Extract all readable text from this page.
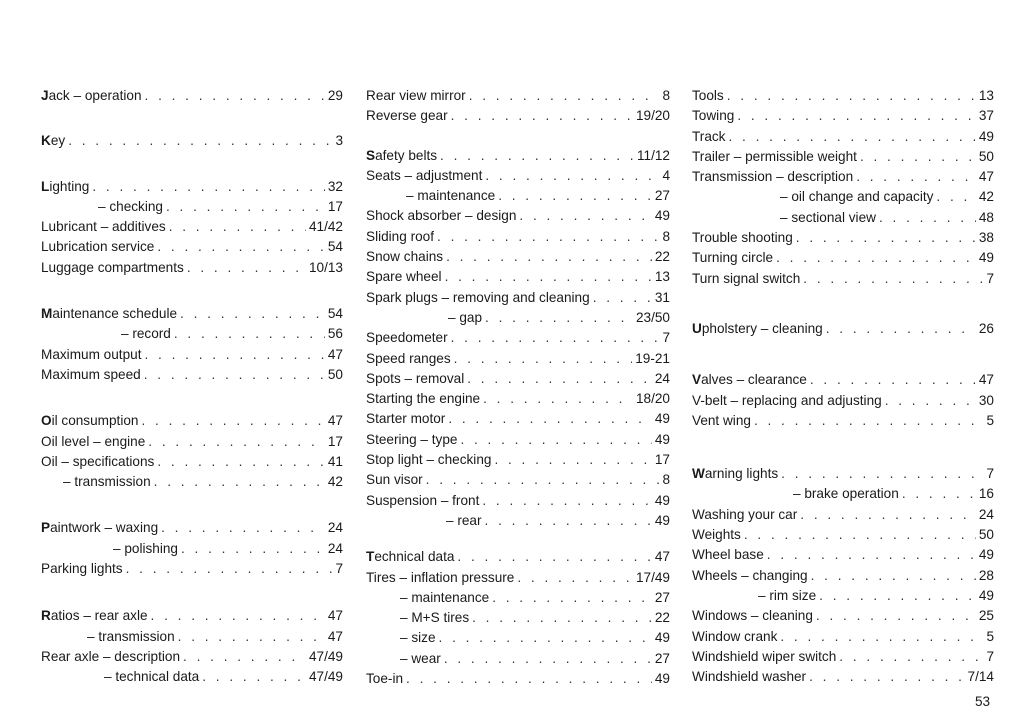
Jack – operation . . .	29
Key . . .	3
Lighting . . .	32
– checking . . .	17
Lubricant – additives . . .	41/42
Lubrication service . . .	54
Luggage compartments . . .	10/13
Maintenance schedule . . .	54
– record . . .	56
Maximum output . . .	47
Maximum speed . . .	50
Oil consumption . . .	47
Oil level – engine . . .	17
Oil – specifications . . .	41
– transmission . . .	42
Paintwork – waxing . . .	24
– polishing . . .	24
Parking lights . . .	7
Ratios – rear axle . . .	47
– transmission . . .	47
Rear axle – description . . .	47/49
– technical data . . .	47/49
Rear view mirror . . .	8
Reverse gear . . .	19/20
Safety belts . . .	11/12
Seats – adjustment . . .	4
– maintenance . . .	27
Shock absorber – design . . .	49
Sliding roof . . .	8
Snow chains . . .	22
Spare wheel . . .	13
Spark plugs – removing and cleaning . . .	31
– gap . . .	23/50
Speedometer . . .	7
Speed ranges . . .	19-21
Spots – removal . . .	24
Starting the engine . . .	18/20
Starter motor . . .	49
Steering – type . . .	49
Stop light – checking . . .	17
Sun visor . . .	8
Suspension – front . . .	49
– rear . . .	49
Technical data . . .	47
Tires – inflation pressure . . .	17/49
– maintenance . . .	27
– M+S tires . . .	22
– size . . .	49
– wear . . .	27
Toe-in . . .	49
Tools . . .	13
Towing . . .	37
Track . . .	49
Trailer – permissible weight . . .	50
Transmission – description . . .	47
– oil change and capacity . . .	42
– sectional view . . .	48
Trouble shooting . . .	38
Turning circle . . .	49
Turn signal switch . . .	7
Upholstery – cleaning . . .	26
Valves – clearance . . .	47
V-belt – replacing and adjusting . . .	30
Vent wing . . .	5
Warning lights . . .	7
– brake operation . . .	16
Washing your car . . .	24
Weights . . .	50
Wheel base . . .	49
Wheels – changing . . .	28
– rim size . . .	49
Windows – cleaning . . .	25
Window crank . . .	5
Windshield wiper switch . . .	7
Windshield washer . . .	7/14
53
